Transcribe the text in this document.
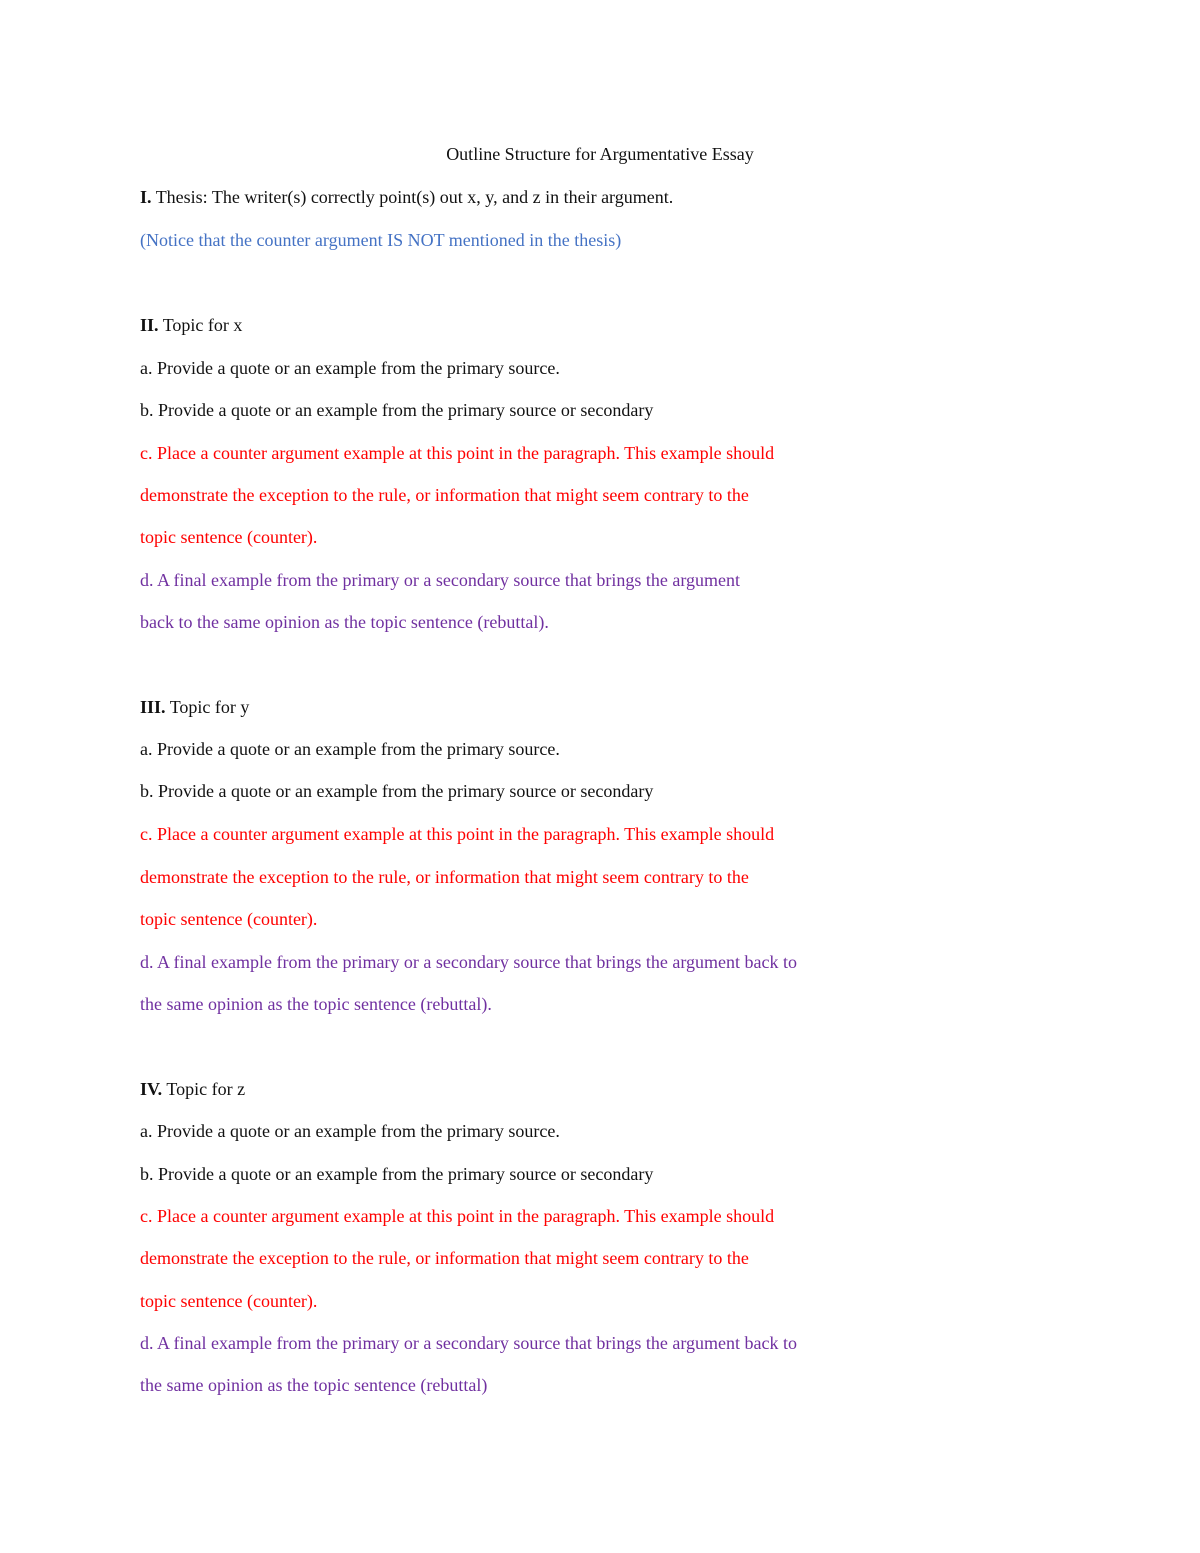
Outline Structure for Argumentative Essay
I. Thesis: The writer(s) correctly point(s) out x, y, and z in their argument.
(Notice that the counter argument IS NOT mentioned in the thesis)
II. Topic for x
a. Provide a quote or an example from the primary source.
b. Provide a quote or an example from the primary source or secondary
c. Place a counter argument example at this point in the paragraph. This example should
demonstrate the exception to the rule, or information that might seem contrary to the
topic sentence (counter).
d. A final example from the primary or a secondary source that brings the argument
back to the same opinion as the topic sentence (rebuttal).
III. Topic for y
a. Provide a quote or an example from the primary source.
b. Provide a quote or an example from the primary source or secondary
c. Place a counter argument example at this point in the paragraph. This example should
demonstrate the exception to the rule, or information that might seem contrary to the
topic sentence (counter).
d. A final example from the primary or a secondary source that brings the argument back to
the same opinion as the topic sentence (rebuttal).
IV. Topic for z
a. Provide a quote or an example from the primary source.
b. Provide a quote or an example from the primary source or secondary
c. Place a counter argument example at this point in the paragraph. This example should
demonstrate the exception to the rule, or information that might seem contrary to the
topic sentence (counter).
d. A final example from the primary or a secondary source that brings the argument back to
the same opinion as the topic sentence (rebuttal)
